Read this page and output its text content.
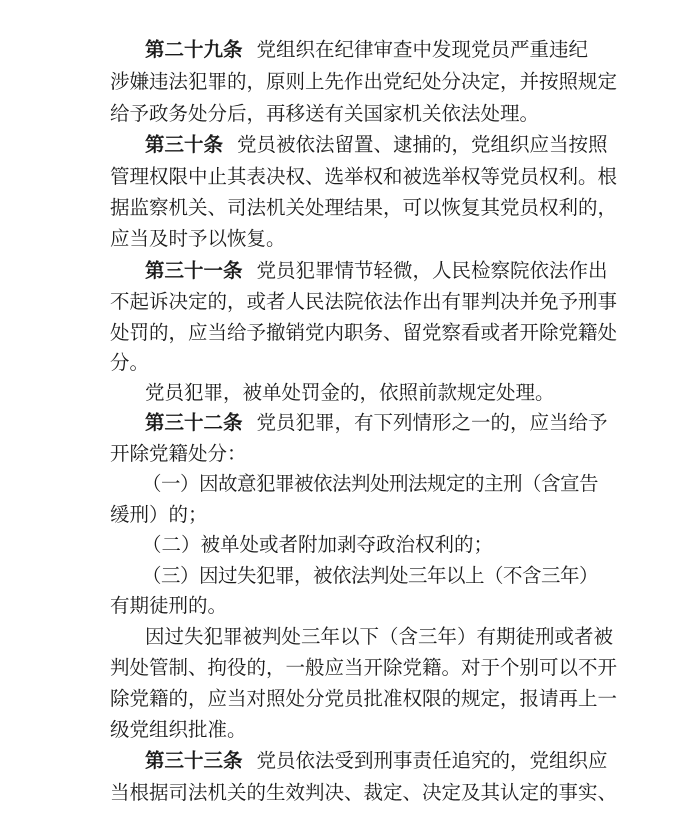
第二十九条 党组织在纪律审查中发现党员严重违纪
涉嫌违法犯罪的，原则上先作出党纪处分决定，并按照规定
给予政务处分后，再移送有关国家机关依法处理。
第三十条 党员被依法留置、逮捕的，党组织应当按照
管理权限中止其表决权、选举权和被选举权等党员权利。根
据监察机关、司法机关处理结果，可以恢复其党员权利的，
应当及时予以恢复。
第三十一条 党员犯罪情节轻微，人民检察院依法作出
不起诉决定的，或者人民法院依法作出有罪判决并免予刑事
处罚的，应当给予撤销党内职务、留党察看或者开除党籍处
分。
党员犯罪，被单处罚金的，依照前款规定处理。
第三十二条 党员犯罪，有下列情形之一的，应当给予
开除党籍处分：
（一）因故意犯罪被依法判处刑法规定的主刑（含宣告
缓刑）的；
（二）被单处或者附加剥夺政治权利的；
（三）因过失犯罪，被依法判处三年以上（不含三年）
有期徒刑的。
因过失犯罪被判处三年以下（含三年）有期徒刑或者被
判处管制、拘役的，一般应当开除党籍。对于个别可以不开
除党籍的，应当对照处分党员批准权限的规定，报请再上一
级党组织批准。
第三十三条 党员依法受到刑事责任追究的，党组织应
当根据司法机关的生效判决、裁定、决定及其认定的事实、
